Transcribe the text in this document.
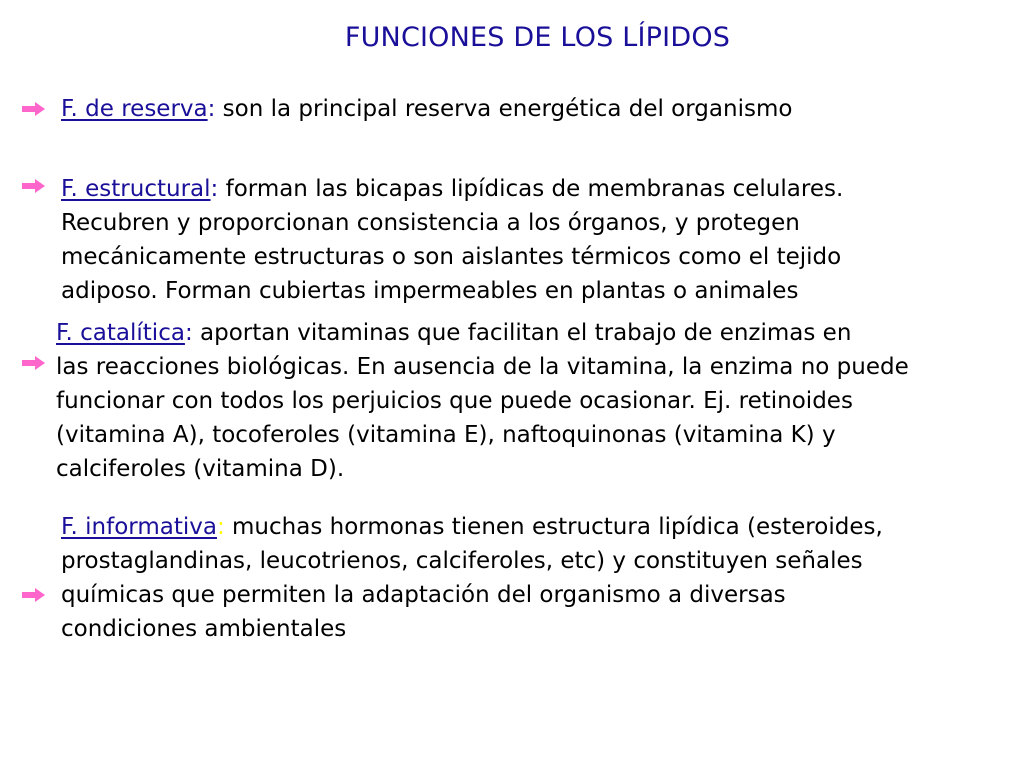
FUNCIONES DE LOS LÍPIDOS
F. de reserva: son la principal reserva energética del organismo
F. estructural: forman las bicapas lipídicas de membranas celulares.
Recubren y proporcionan consistencia a los órganos, y protegen
mecánicamente estructuras o son aislantes térmicos como el tejido
adiposo. Forman cubiertas impermeables en plantas o animales
F. catalítica: aportan vitaminas que facilitan el trabajo de enzimas en
las reacciones biológicas. En ausencia de la vitamina, la enzima no puede
funcionar con todos los perjuicios que puede ocasionar. Ej. retinoides
(vitamina A), tocoferoles (vitamina E), naftoquinonas (vitamina K) y
calciferoles (vitamina D).
F. informativa: muchas hormonas tienen estructura lipídica (esteroides,
prostaglandinas, leucotrienos, calciferoles, etc) y constituyen señales
químicas que permiten la adaptación del organismo a diversas
condiciones ambientales
